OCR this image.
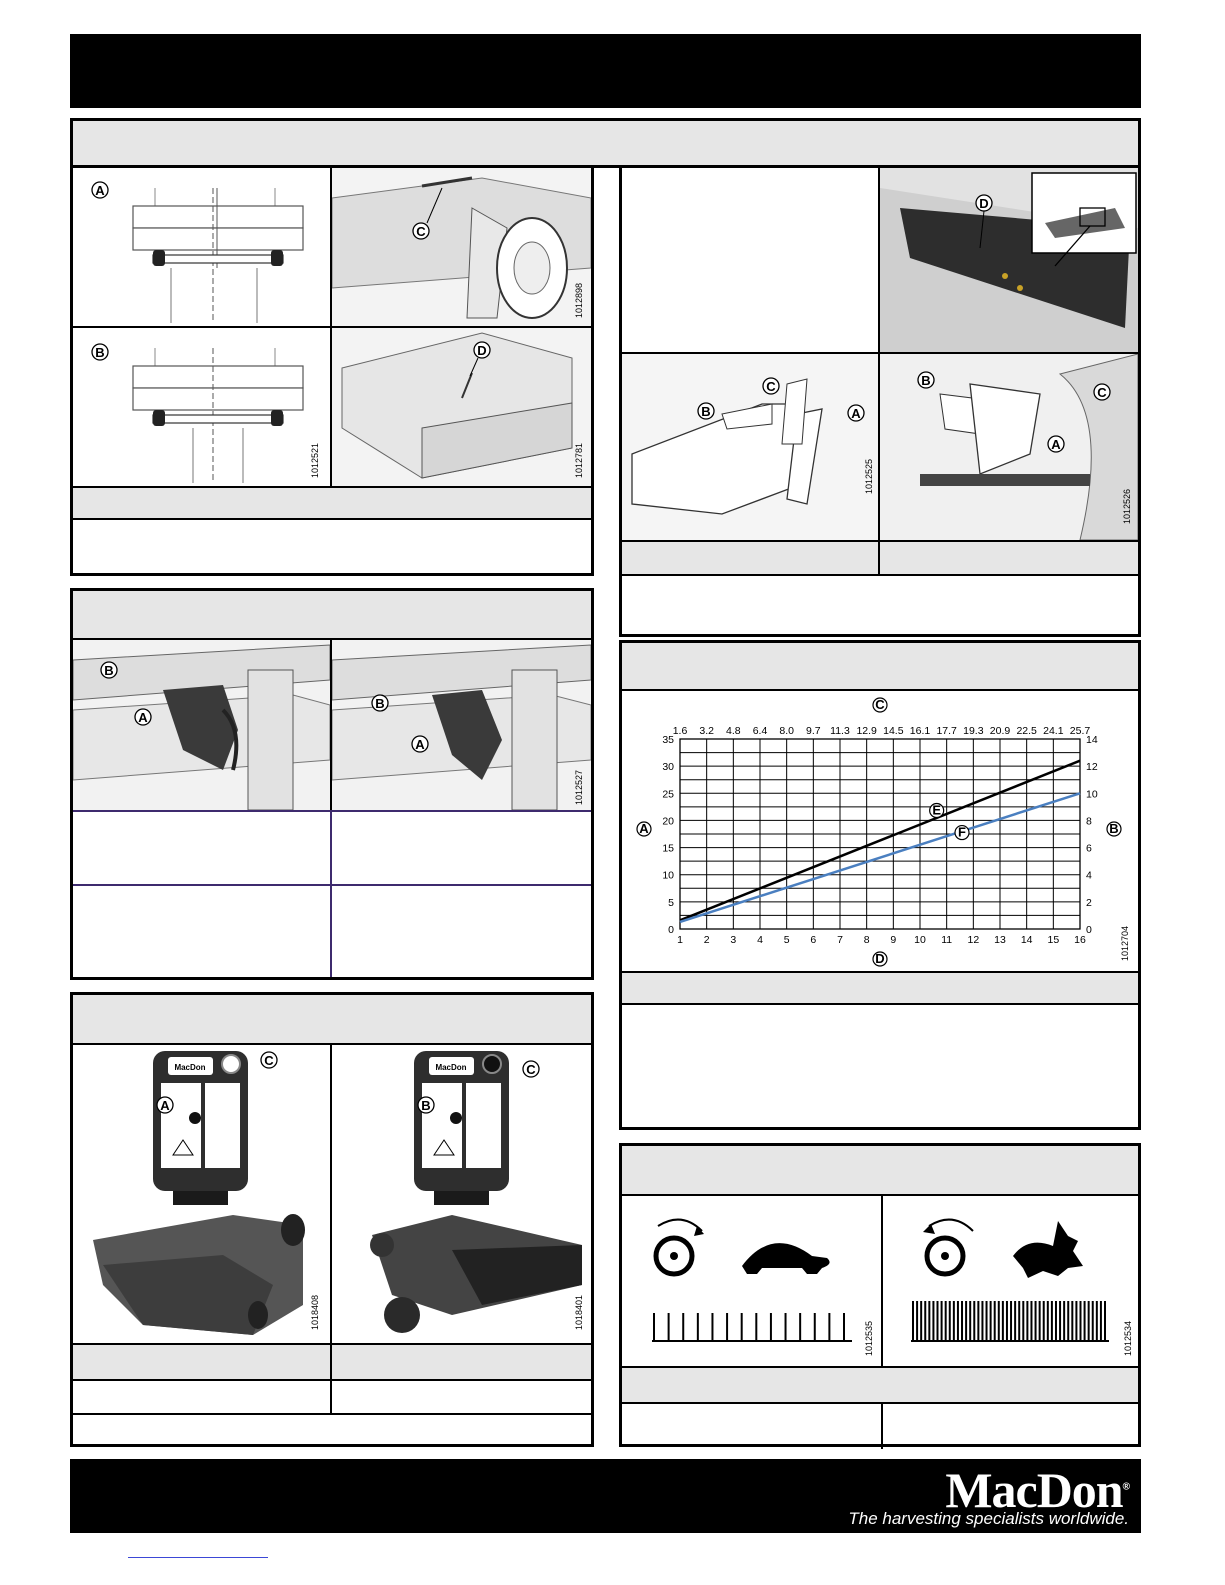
A
B
1012521
C
1012898
D
1012781
B
A
B
A
1012527
MacDon	C
A
1018408
MacDon	C
B
1018401
D
B
C
A
1012525
B
C
A
1012526
1
1.6
2
3.2
3
4.8
4
6.4
5
8.0
6
9.7
7
11.3
8
12.9
9
14.5
10
16.1
11
17.7
12
19.3
13
20.9
14
22.5
15
24.1
16
25.7
0
5
10
15
20
25
30
35
0
2
4
6
8
10
12
14
E
F
C
D
A	B
1012704
1012535	1012534
MacDon®
The harvesting specialists worldwide.
